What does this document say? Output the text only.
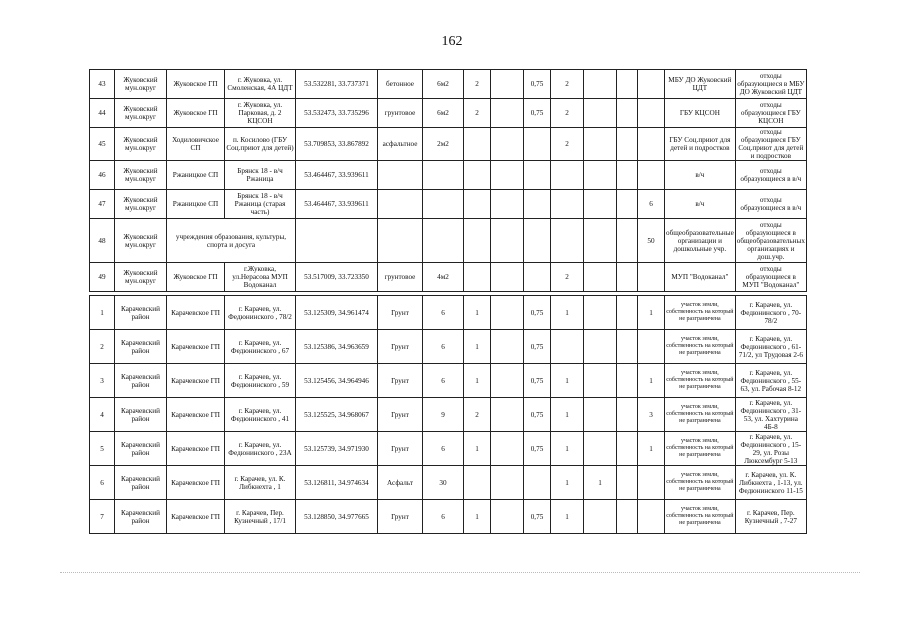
162
43	Жуковский мун.округ	Жуковское ГП	г. Жуковка, ул. Смоленская, 4А ЦДТ	53.532281, 33.737371	бетонное	6м2	2		0,75	2				МБУ ДО Жуковский ЦДТ	отходы образующиеся в МБУ ДО Жуковский ЦДТ
44	Жуковский мун.округ	Жуковское ГП	г. Жуковка, ул. Парковая, д. 2 КЦСОН	53.532473, 33.735296	грунтовое	6м2	2		0,75	2				ГБУ КЦСОН	отходы образующиеся ГБУ КЦСОН
45	Жуковский мун.округ	Ходиловичское СП	п. Косилово (ГБУ Соц.приют для детей)	53.709853, 33.867892	асфальтное	2м2				2				ГБУ Соц.приют для детей и подростков	отходы образующиеся ГБУ Соц.приют для детей и подростков
46	Жуковский мун.округ	Ржаницкое СП	Брянск 18 - в/ч Ржаница	53.464467, 33.939611										в/ч	отходы образующиеся в в/ч
47	Жуковский мун.округ	Ржаницкое СП	Брянск 18 - в/ч Ржаница (старая часть)	53.464467, 33.939611									6	в/ч	отходы образующиеся в в/ч
48	Жуковский мун.округ	учреждения образования, культуры, спорта и досуга											50	общеобразовательные организации и дошкольные учр.	отходы образующиеся в общеобразовательных организациях и дош.учр.
49	Жуковский мун.округ	Жуковское ГП	г.Жуковка, ул.Нерасова МУП Водоканал	53.517009, 33.723350	грунтовое	4м2				2				МУП "Водоканал"	отходы образующиеся в МУП "Водоканал"

1	Карачевский район	Карачевское ГП	г. Карачев, ул. Федюнинского , 78/2	53.125309, 34.961474	Грунт	6	1		0,75	1			1	участок земли, собственность на который не разграничена	г. Карачев, ул. Федюнинского , 70-78/2
2	Карачевский район	Карачевское ГП	г. Карачев, ул. Федюнинского , 67	53.125386, 34.963659	Грунт	6	1		0,75					участок земли, собственность на который не разграничена	г. Карачев, ул. Федюнинского , 61-71/2, ул Трудовая 2-6
3	Карачевский район	Карачевское ГП	г. Карачев, ул. Федюнинского , 59	53.125456, 34.964946	Грунт	6	1		0,75	1			1	участок земли, собственность на который не разграничена	г. Карачев, ул. Федюнинского , 55-63, ул. Рабочая 8-12
4	Карачевский район	Карачевское ГП	г. Карачев, ул. Федюнинского , 41	53.125525, 34.968067	Грунт	9	2		0,75	1			3	участок земли, собственность на который не разграничена	г. Карачев, ул. Федюнинского , 31-53, ул. Хахтурина 4Б-8
5	Карачевский район	Карачевское ГП	г. Карачев, ул. Федюнинского , 23А	53.125739, 34.971930	Грунт	6	1		0,75	1			1	участок земли, собственность на который не разграничена	г. Карачев, ул. Федюнинского , 15-29, ул. Розы Люксембург 5-13
6	Карачевский район	Карачевское ГП	г. Карачев, ул. К. Либкнехта , 1	53.126811, 34.974634	Асфальт	30				1	1			участок земли, собственность на который не разграничена	г. Карачев, ул. К. Либкнехта , 1-13, ул. Федюнинского 11-15
7	Карачевский район	Карачевское ГП	г. Карачев, Пер. Кузнечный , 17/1	53.128850, 34.977665	Грунт	6	1		0,75	1				участок земли, собственность на который не разграничена	г. Карачев, Пер. Кузнечный , 7-27
